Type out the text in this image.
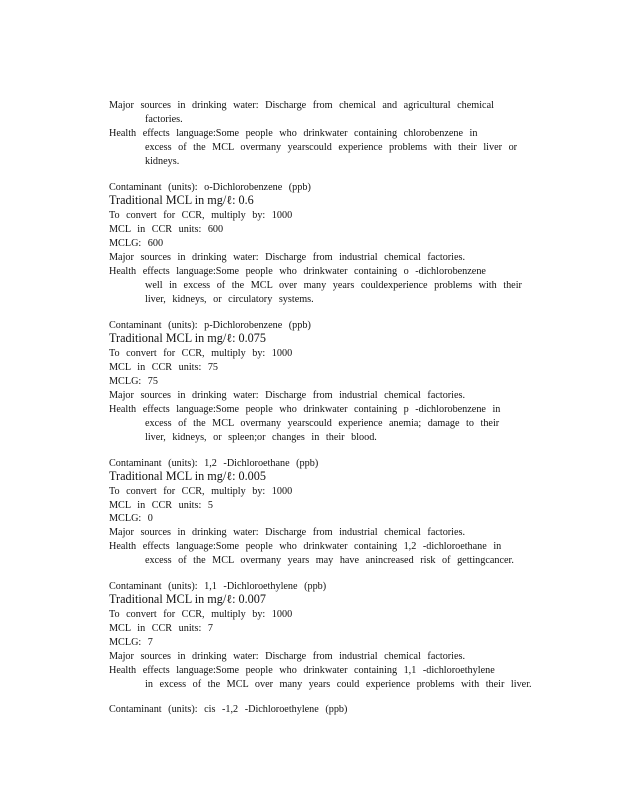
Major sources in drinking water: Discharge from chemical and agricultural chemical
factories.
Health effects language:Some people who drinkwater containing chlorobenzene in
excess of the MCL overmany yearscould experience problems with their liver or
kidneys.
Contaminant (units): o-Dichlorobenzene (ppb)
Traditional MCL in mg/ℓ: 0.6
To convert for CCR, multiply by: 1000
MCL in CCR units: 600
MCLG: 600
Major sources in drinking water: Discharge from industrial chemical factories.
Health effects language:Some people who drinkwater containing o -dichlorobenzene
well in excess of the MCL over many years couldexperience problems with their
liver, kidneys, or circulatory systems.
Contaminant (units): p-Dichlorobenzene (ppb)
Traditional MCL in mg/ℓ: 0.075
To convert for CCR, multiply by: 1000
MCL in CCR units: 75
MCLG: 75
Major sources in drinking water: Discharge from industrial chemical factories.
Health effects language:Some people who drinkwater containing p -dichlorobenzene in
excess of the MCL overmany yearscould experience anemia; damage to their
liver, kidneys, or spleen;or changes in their blood.
Contaminant (units): 1,2 -Dichloroethane (ppb)
Traditional MCL in mg/ℓ: 0.005
To convert for CCR, multiply by: 1000
MCL in CCR units: 5
MCLG: 0
Major sources in drinking water: Discharge from industrial chemical factories.
Health effects language:Some people who drinkwater containing 1,2 -dichloroethane in
excess of the MCL overmany years may have anincreased risk of gettingcancer.
Contaminant (units): 1,1 -Dichloroethylene (ppb)
Traditional MCL in mg/ℓ: 0.007
To convert for CCR, multiply by: 1000
MCL in CCR units: 7
MCLG: 7
Major sources in drinking water: Discharge from industrial chemical factories.
Health effects language:Some people who drinkwater containing 1,1 -dichloroethylene
in excess of the MCL over many years could experience problems with their liver.
Contaminant (units): cis -1,2 -Dichloroethylene (ppb)
